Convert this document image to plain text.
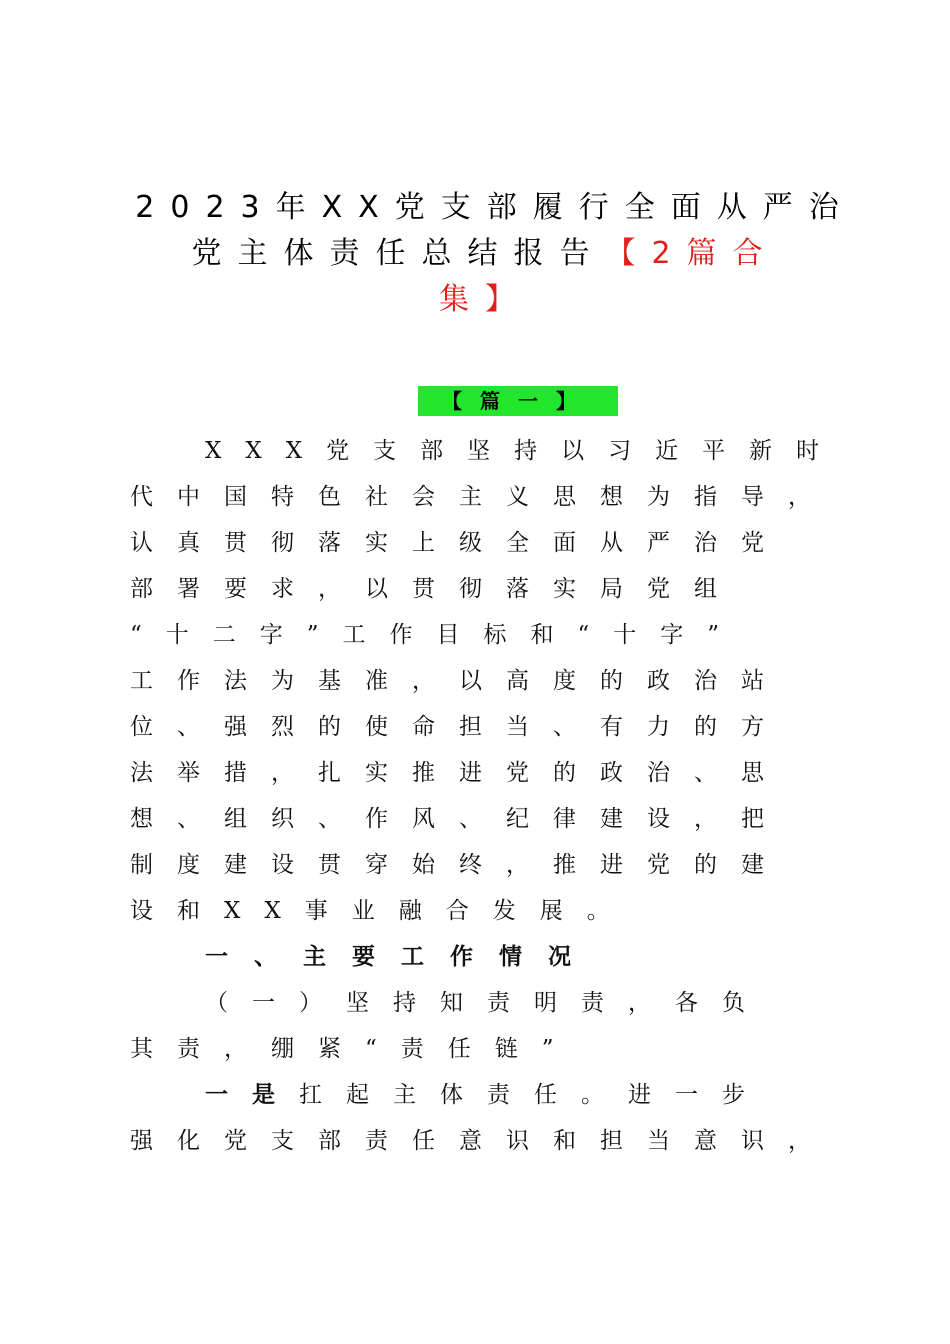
2023年XX党支部履行全面从严治
党主体责任总结报告【2篇合
集】
【篇一】
XXX党支部坚持以习近平新时
代中国特色社会主义思想为指导，
认真贯彻落实上级全面从严治党
部署要求，以贯彻落实局党组
“十二字”工作目标和“十字”
工作法为基准，以高度的政治站
位、强烈的使命担当、有力的方
法举措，扎实推进党的政治、思
想、组织、作风、纪律建设，把
制度建设贯穿始终，推进党的建
设和XX事业融合发展。
一、主要工作情况
（一）坚持知责明责，各负
其责，绷紧“责任链”
一是扛起主体责任。进一步
强化党支部责任意识和担当意识，
